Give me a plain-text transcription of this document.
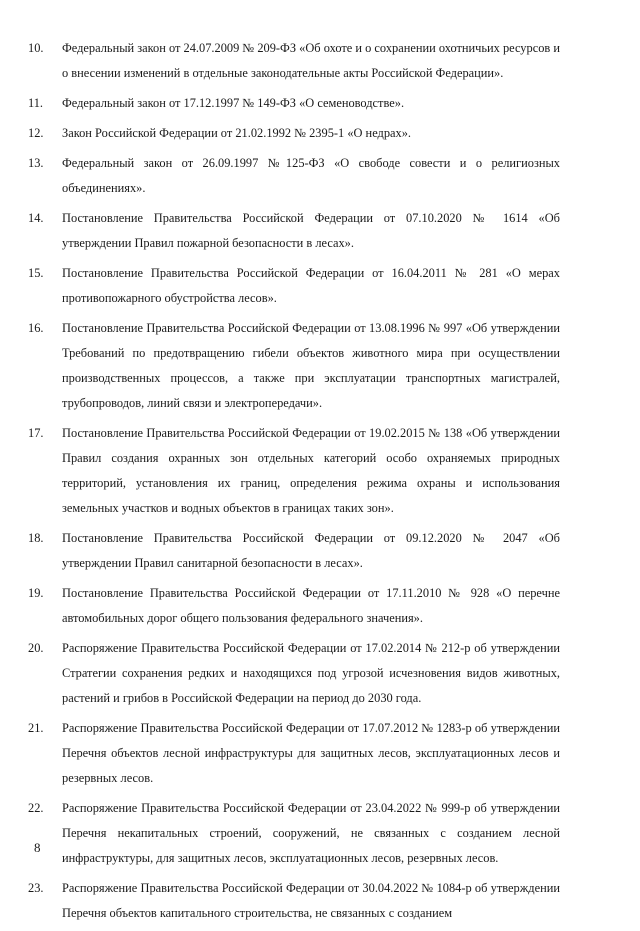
10.	Федеральный закон от 24.07.2009 № 209-ФЗ «Об охоте и о сохранении охотничьих ресурсов и о внесении изменений в отдельные законодательные акты Российской Федерации».
11.	Федеральный закон от 17.12.1997 № 149-ФЗ «О семеноводстве».
12.	Закон Российской Федерации от 21.02.1992 № 2395-1 «О недрах».
13.	Федеральный закон от 26.09.1997 №125-ФЗ «О свободе совести и о религиозных объединениях».
14.	Постановление Правительства Российской Федерации от 07.10.2020 № 1614 «Об утверждении Правил пожарной безопасности в лесах».
15.	Постановление Правительства Российской Федерации от 16.04.2011 № 281 «О мерах противопожарного обустройства лесов».
16.	Постановление Правительства Российской Федерации от 13.08.1996 № 997 «Об утверждении Требований по предотвращению гибели объектов животного мира при осуществлении производственных процессов, а также при эксплуатации транспортных магистралей, трубопроводов, линий связи и электропередачи».
17.	Постановление Правительства Российской Федерации от 19.02.2015 № 138 «Об утверждении Правил создания охранных зон отдельных категорий особо охраняемых природных территорий, установления их границ, определения режима охраны и использования земельных участков и водных объектов в границах таких зон».
18.	Постановление Правительства Российской Федерации от 09.12.2020 № 2047 «Об утверждении Правил санитарной безопасности в лесах».
19.	Постановление Правительства Российской Федерации от 17.11.2010 № 928 «О перечне автомобильных дорог общего пользования федерального значения».
20.	Распоряжение Правительства Российской Федерации от 17.02.2014 № 212-р об утверждении Стратегии сохранения редких и находящихся под угрозой исчезновения видов животных, растений и грибов в Российской Федерации на период до 2030 года.
21.	Распоряжение Правительства Российской Федерации от 17.07.2012 № 1283-р об утверждении Перечня объектов лесной инфраструктуры для защитных лесов, эксплуатационных лесов и резервных лесов.
22.	Распоряжение Правительства Российской Федерации от 23.04.2022 № 999-р об утверждении Перечня некапитальных строений, сооружений, не связанных с созданием лесной инфраструктуры, для защитных лесов, эксплуатационных лесов, резервных лесов.
23.	Распоряжение Правительства Российской Федерации от 30.04.2022 № 1084-р об утверждении Перечня объектов капитального строительства, не связанных с созданием
8
